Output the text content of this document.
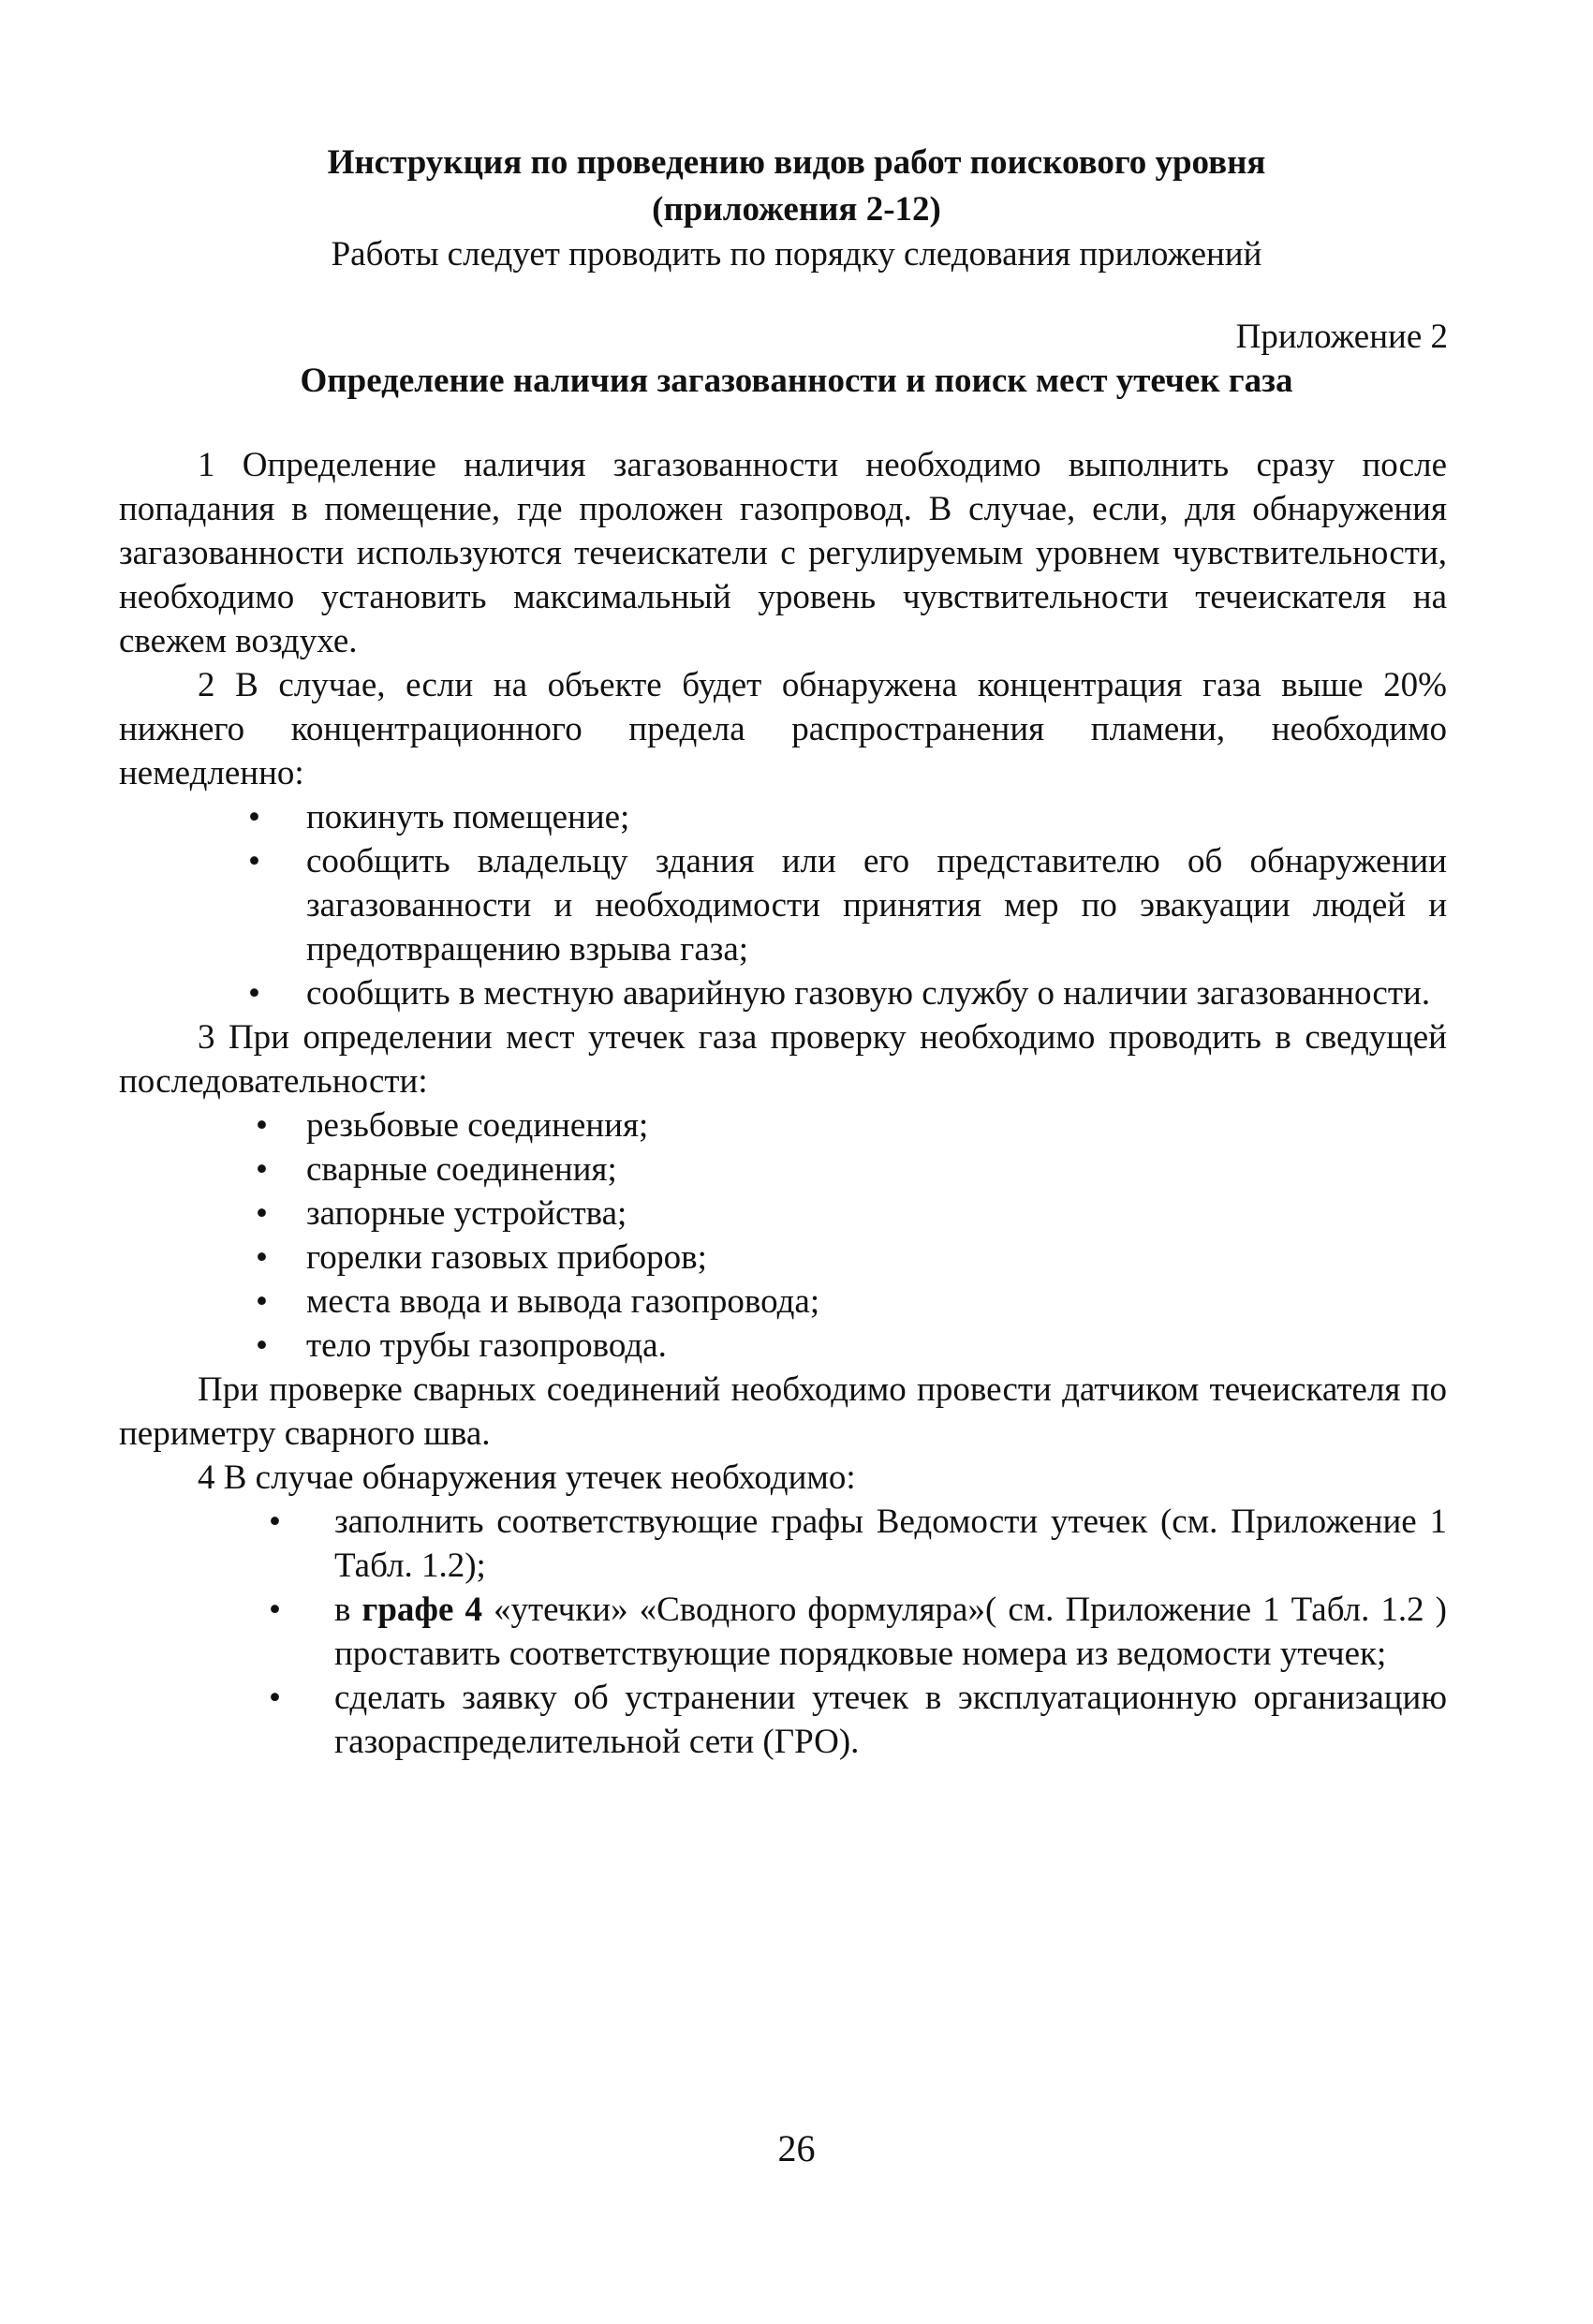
Инструкция по проведению видов работ поискового уровня
(приложения 2-12)
Работы следует проводить по порядку следования приложений
Приложение 2
Определение наличия загазованности и поиск мест утечек газа

1 Определение наличия загазованности необходимо выполнить сразу после попадания в помещение, где проложен газопровод. В случае, если, для обнаружения загазованности используются течеискатели с регулируемым уровнем чувствительности, необходимо установить максимальный уровень чувствительности течеискателя на свежем воздухе.

2 В случае, если на объекте будет обнаружена концентрация газа выше 20% нижнего концентрационного предела распространения пламени, необходимо немедленно:

• покинуть помещение;
• сообщить владельцу здания или его представителю об обнаружении загазованности и необходимости принятия мер по эвакуации людей и предотвращению взрыва газа;
• сообщить в местную аварийную газовую службу о наличии загазованности.

3 При определении мест утечек газа проверку необходимо проводить в сведущей последовательности:

• резьбовые соединения;
• сварные соединения;
• запорные устройства;
• горелки газовых приборов;
• места ввода и вывода газопровода;
• тело трубы газопровода.

При проверке сварных соединений необходимо провести датчиком течеискателя по периметру сварного шва.

4 В случае обнаружения утечек необходимо:

• заполнить соответствующие графы Ведомости утечек (см. Приложение 1 Табл. 1.2);
• в графе 4 «утечки» «Сводного формуляра»( см. Приложение 1 Табл. 1.2 ) проставить соответствующие порядковые номера из ведомости утечек;
• сделать заявку об устранении утечек в эксплуатационную организацию газораспределительной сети (ГРО).
26
